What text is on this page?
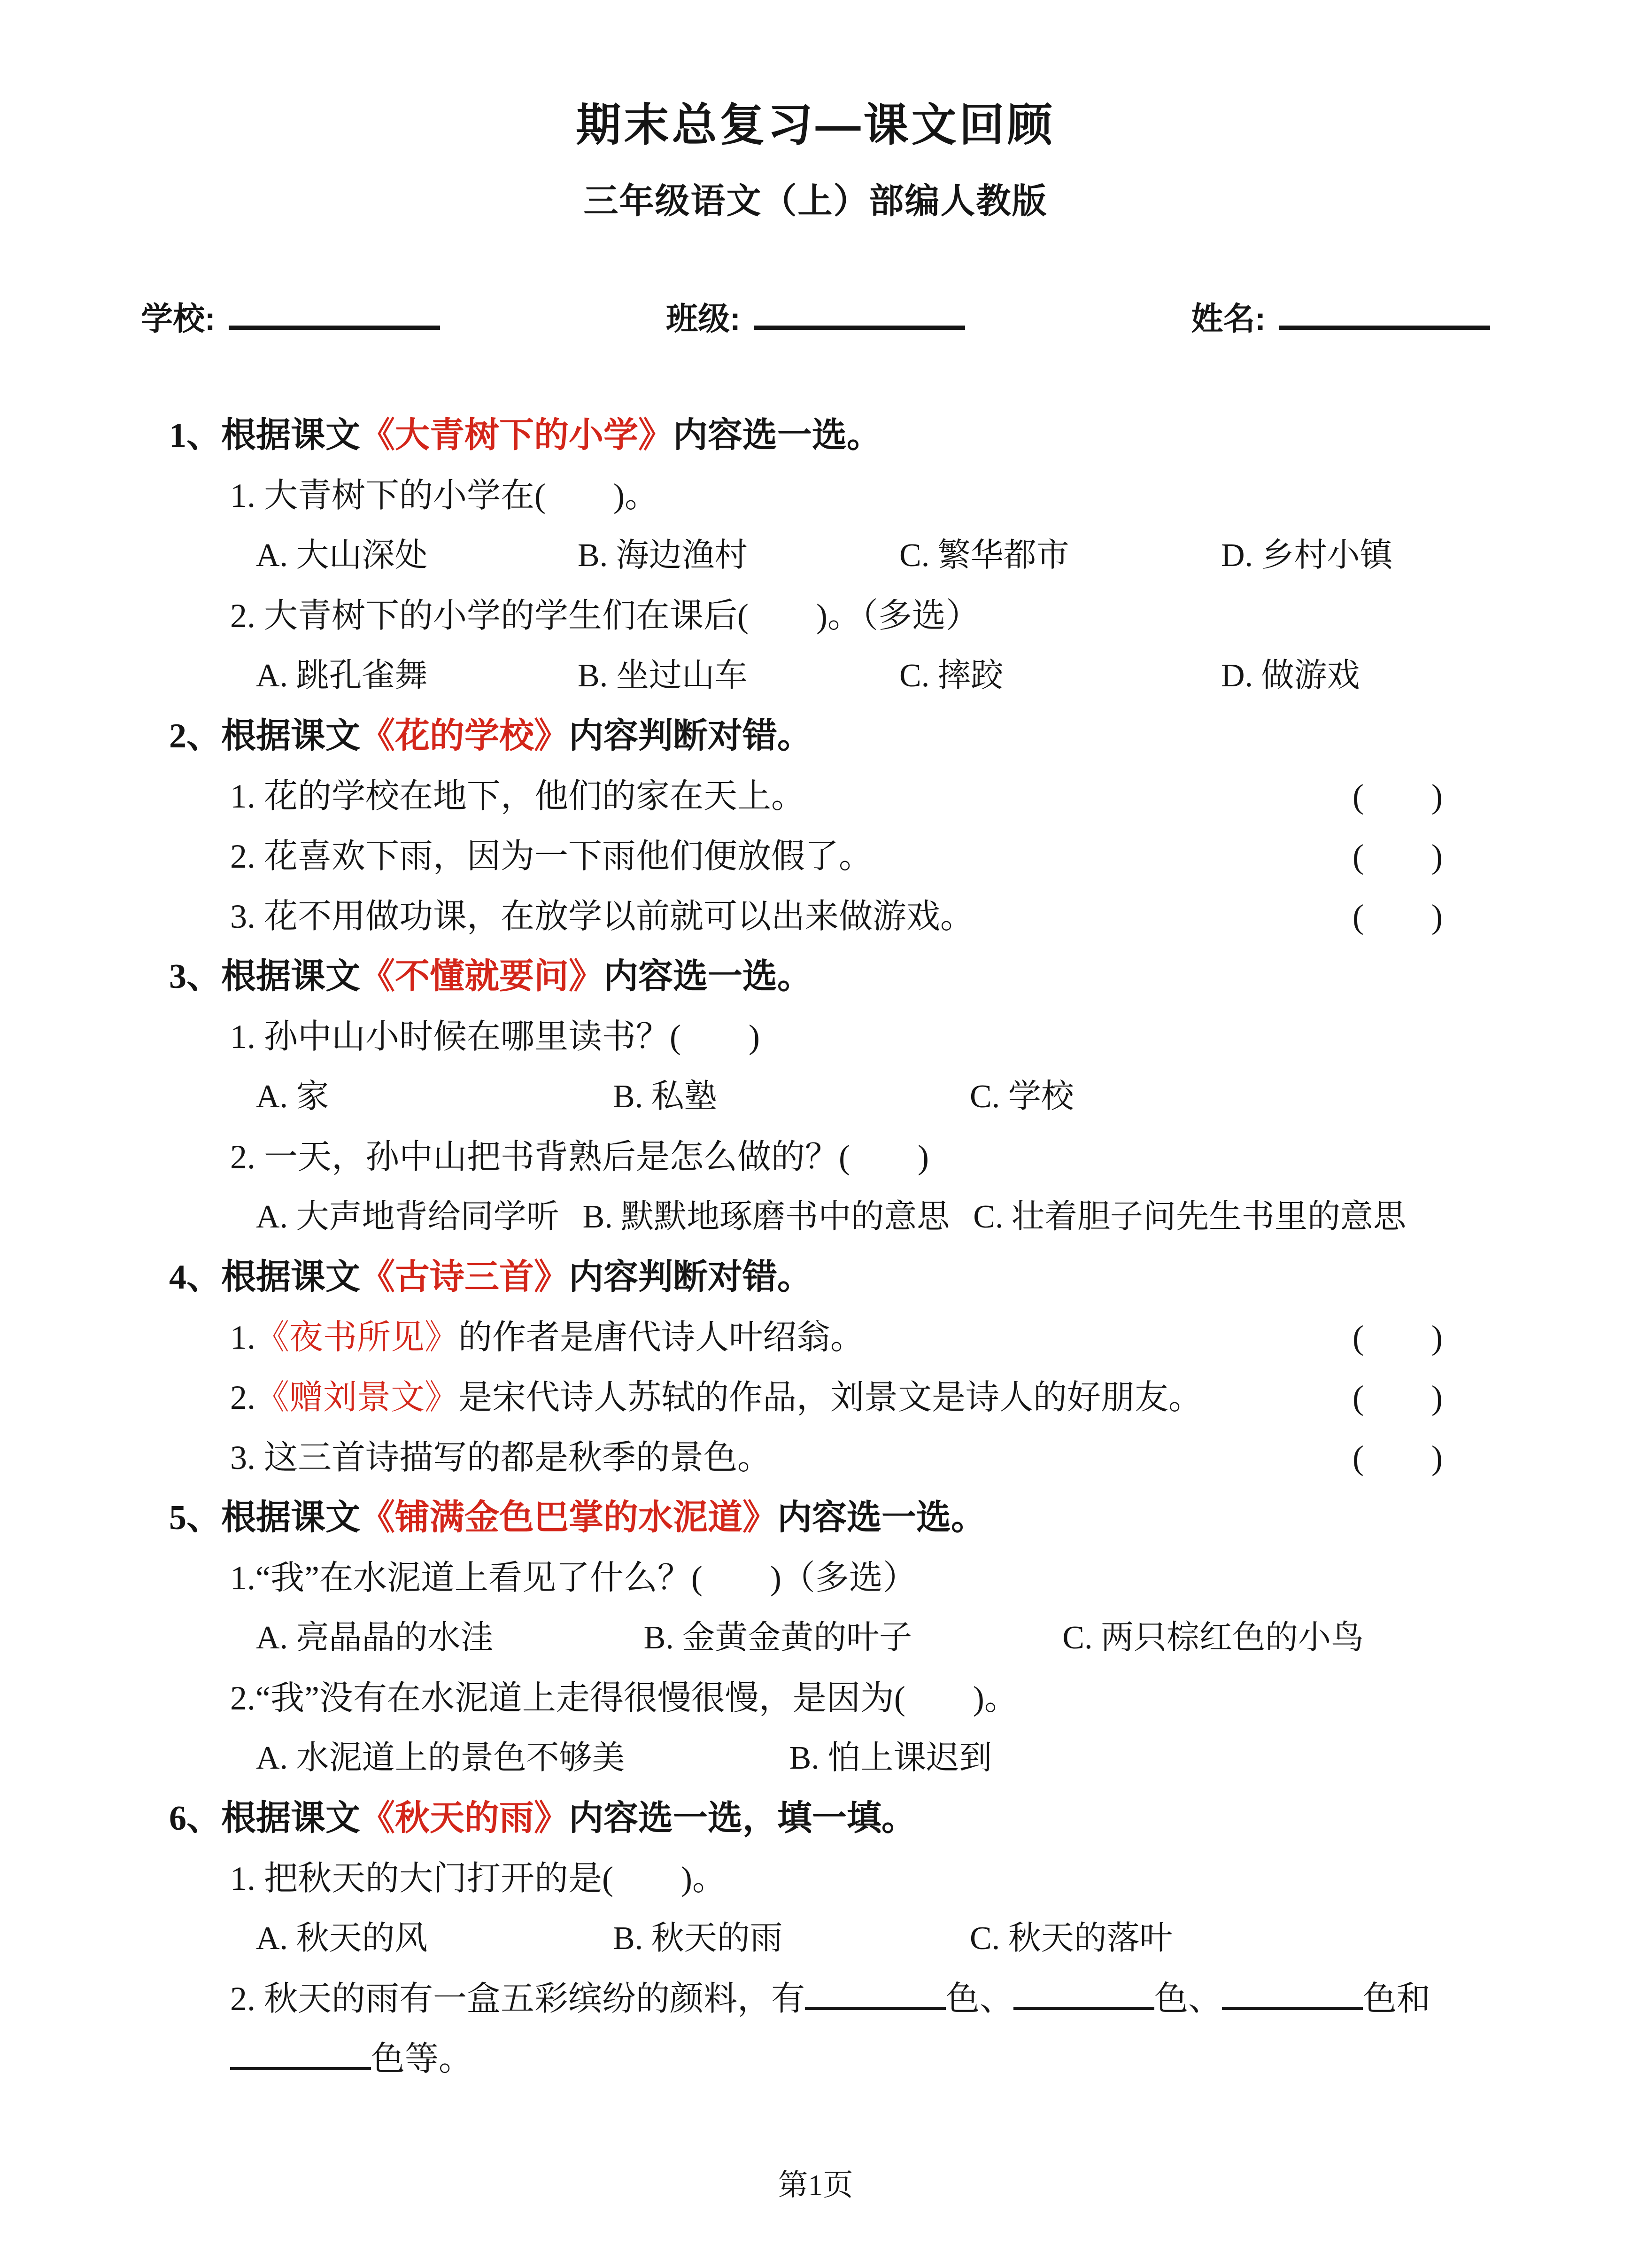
期末总复习—课文回顾
三年级语文（上）部编人教版
学校:	班级:	姓名:
1、根据课文《大青树下的小学》内容选一选。
1. 大青树下的小学在(　　)。
A. 大山深处	B. 海边渔村	C. 繁华都市	D. 乡村小镇
2. 大青树下的小学的学生们在课后(　　)。（多选）
A. 跳孔雀舞	B. 坐过山车	C. 摔跤	D. 做游戏
2、根据课文《花的学校》内容判断对错。
1. 花的学校在地下，他们的家在天上。	(　　)
2. 花喜欢下雨，因为一下雨他们便放假了。	(　　)
3. 花不用做功课，在放学以前就可以出来做游戏。	(　　)
3、根据课文《不懂就要问》内容选一选。
1. 孙中山小时候在哪里读书？(　　)
A. 家	B. 私塾	C. 学校
2. 一天，孙中山把书背熟后是怎么做的？(　　)
A. 大声地背给同学听 B. 默默地琢磨书中的意思 C. 壮着胆子问先生书里的意思
4、根据课文《古诗三首》内容判断对错。
1.《夜书所见》的作者是唐代诗人叶绍翁。	(　　)
2.《赠刘景文》是宋代诗人苏轼的作品，刘景文是诗人的好朋友。	(　　)
3. 这三首诗描写的都是秋季的景色。	(　　)
5、根据课文《铺满金色巴掌的水泥道》内容选一选。
1.“我”在水泥道上看见了什么？(　　)（多选）
A. 亮晶晶的水洼	B. 金黄金黄的叶子	C. 两只棕红色的小鸟
2.“我”没有在水泥道上走得很慢很慢，是因为(　　)。
A. 水泥道上的景色不够美	B. 怕上课迟到
6、根据课文《秋天的雨》内容选一选，填一填。
1. 把秋天的大门打开的是(　　)。
A. 秋天的风	B. 秋天的雨	C. 秋天的落叶
2. 秋天的雨有一盒五彩缤纷的颜料，有	色、	色、	色和
色等。
第1页
